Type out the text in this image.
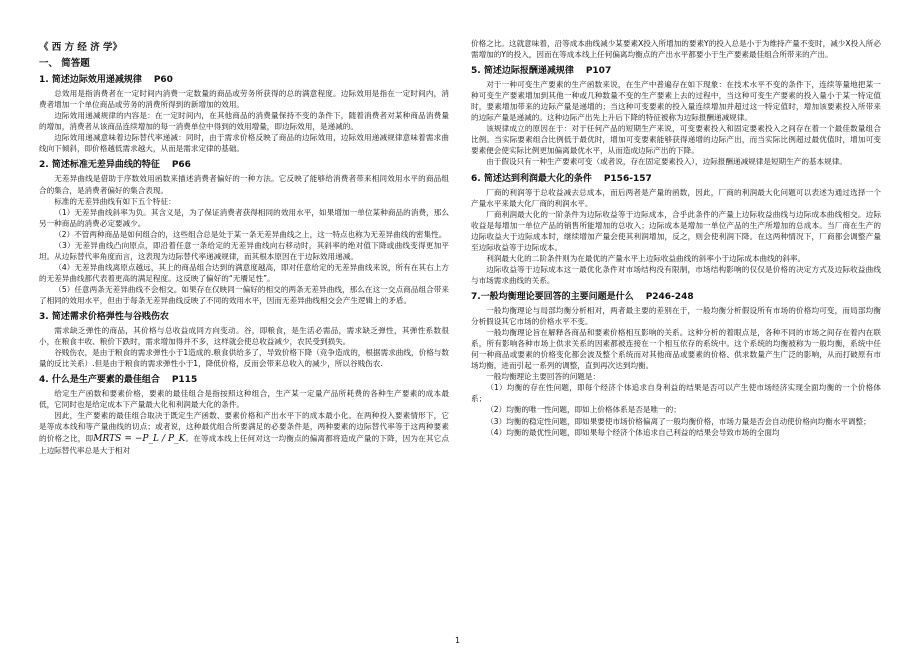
《 西 方 经 济 学》
一、 简答题
1. 简述边际效用递减规律 P60

总效用是指消费者在一定时间内消费一定数量的商品或劳务所获得的总的满意程度。边际效用是指在一定时间内，消费者增加一个单位商品或劳务的消费所得到的新增加的效用。

边际效用递减规律的内容是：在一定时间内，在其他商品的消费量保持不变的条件下，随着消费者对某种商品消费量的增加，消费者从该商品连续增加的每一消费单位中得到的效用增量，即边际效用，是递减的。

边际效用递减意味着边际替代率递减：同时，由于需求价格反映了商品的边际效用，边际效用递减规律意味着需求曲线向下倾斜，即价格越低需求越大，从而是需求定律的基础。

2. 简述标准无差异曲线的特征 P66

无差异曲线是借助于序数效用函数来描述消费者偏好的一种方法。它反映了能够给消费者带来相同效用水平的商品组合的集合，是消费者偏好的集合表现。

标准的无差异曲线有如下五个特征：

（1）无差异曲线斜率为负。其含义是，为了保证消费者获得相同的效用水平，如果增加一单位某种商品的消费，那么另一种商品的消费必定要减少。

（2）不管两种商品是如何组合的，这些组合总是处于某一条无差异曲线之上，这一特点也称为无差异曲线的密集性。

（3）无差异曲线凸向原点，即沿着任意一条给定的无差异曲线向右移动时，其斜率的绝对值下降或曲线变得更加平坦。从边际替代率角度而言，这表现为边际替代率递减规律，而其根本原因在于边际效用递减。

（4）无差异曲线离原点越远，其上的商品组合达到的满意度越高，即对任意给定的无差异曲线来说，所有在其右上方的无差异曲线都代表着更高的满足程度。这反映了偏好的“无餍足性”。

（5）任意两条无差异曲线不会相交。如果存在仅映同一偏好的相交的两条无差异曲线，那么在这一交点商品组合带来了相同的效用水平，但由于每条无差异曲线反映了不同的效用水平，因而无差异曲线相交会产生逻辑上的矛盾。

3. 简述需求价格弹性与谷贱伤农

需求缺乏弹性的商品，其价格与总收益成同方向变动。谷，即粮食，是生活必需品，需求缺乏弹性，其弹性系数很小，在粮食丰收、粮价下跌时，需求增加得并不多，这样就会使总收益减少，农民受到损失。

谷贱伤农，是由于粮食的需求弹性小于1造成的.粮食供给多了，导致价格下降（竞争造成的，根据需求曲线，价格与数量的反比关系）.但是由于粮食的需求弹性小于1，降低价格，反而会带来总收入的减少，所以谷贱伤农.

4. 什么是生产要素的最佳组合 P115

给定生产函数和要素价格，要素的最佳组合是指按照这种组合，生产某一定量产品所耗费的各种生产要素的成本最低，它同时也是给定成本下产量最大化和利润最大化的条件。

因此，生产要素的最佳组合取决于既定生产函数、要素价格和产出水平下的成本最小化。在两种投入要素情形下，它是等成本线和等产量曲线的切点；或者说，这种最优组合所要满足的必要条件是，两种要素的边际替代率等于这两种要素的价格之比，即MRTS = −P_L / P_K。在等成本线上任何对这一均衡点的偏离都将造成产量的下降，因为在其它点上边际替代率总是大于相对

价格之比。这就意味着，沿等成本曲线减少某要素X投入所增加的要素Y的投入总是小于为维持产量不变时，减少X投入所必需增加的Y的投入，因而在等成本线上任何偏离均衡点的产出水平都要小于生产要素最佳组合所带来的产出。

5. 简述边际报酬递减规律 P107

对于一种可变生产要素的生产函数来说，在生产中普遍存在如下现象：在技术水平不变的条件下，连续等量地把某一种可变生产要素增加到其他一种或几种数量不变的生产要素上去的过程中，当这种可变生产要素的投入量小于某一特定值时，要素增加带来的边际产量是递增的；当这种可变要素的投入量连续增加并超过这一特定值时，增加该要素投入所带来的边际产量是递减的。这种边际产出先上升后下降的特征被称为边际报酬递减规律。

该规律成立的原因在于：对于任何产品的短期生产来说，可变要素投入和固定要素投入之间存在着一个最佳数量组合比例。当实际要素组合比例低于最优时，增加可变要素能够获得递增的边际产出，而当实际比例超过最优值时，增加可变要素便会使实际比例更加偏离最优水平，从而造成边际产出的下降。

由于假设只有一种生产要素可变（或者说，存在固定要素投入），边际报酬递减规律是短期生产的基本规律。

6. 简述达到利润最大化的条件 P156-157

厂商的利润等于总收益减去总成本，而后两者是产量的函数，因此，厂商的利润最大化问题可以表述为通过选择一个产量水平来最大化厂商的利润水平。

厂商利润最大化的一阶条件为边际收益等于边际成本，合乎此条件的产量上边际收益曲线与边际成本曲线相交。边际收益是每增加一单位产品的销售所能增加的总收入；边际成本是增加一单位产品的生产所增加的总成本。当厂商在生产的边际收益大于边际成本时，继续增加产量会使其利润增加，反之，则会使利润下降。在这两种情况下，厂商都会调整产量至边际收益等于边际成本。

利润最大化的二阶条件则为在最优的产量水平上边际收益曲线的斜率小于边际成本曲线的斜率。

边际收益等于边际成本这一最优化条件对市场结构没有限制，市场结构影响的仅仅是价格的决定方式及边际收益曲线与市场需求曲线的关系。

7.一般均衡理论要回答的主要问题是什么 P246-248

一般均衡理论与局部均衡分析相对，两者最主要的差别在于，一般均衡分析假设所有市场的价格均可变，而局部均衡分析假设其它市场的价格水平不变。

一般均衡理论旨在解释各商品和要素价格相互影响的关系。这种分析的着眼点是，各种不同的市场之间存在着内在联系，所有影响各种市场上供求关系的因素都被连接在一个相互依存的系统中。这个系统的均衡被称为一般均衡，系统中任何一种商品或要素的价格变化都会波及整个系统而对其他商品或要素的价格、供求数量产生广泛的影响，从而打破原有市场均衡，进而引起一系列的调整，直到再次达到均衡。

一般均衡理论主要回答的问题是：

（1）均衡的存在性问题，即每个经济个体追求自身利益的结果是否可以产生使市场经济实现全面均衡的一个价格体系；

（2）均衡的唯一性问题，即如上价格体系是否是唯一的；

（3）均衡的稳定性问题，即如果要使市场价格偏离了一般均衡价格，市场力量是否会自动使价格向均衡水平调整；

（4）均衡的最优性问题，即如果每个经济个体追求自己利益的结果会导致市场的全面均

1
